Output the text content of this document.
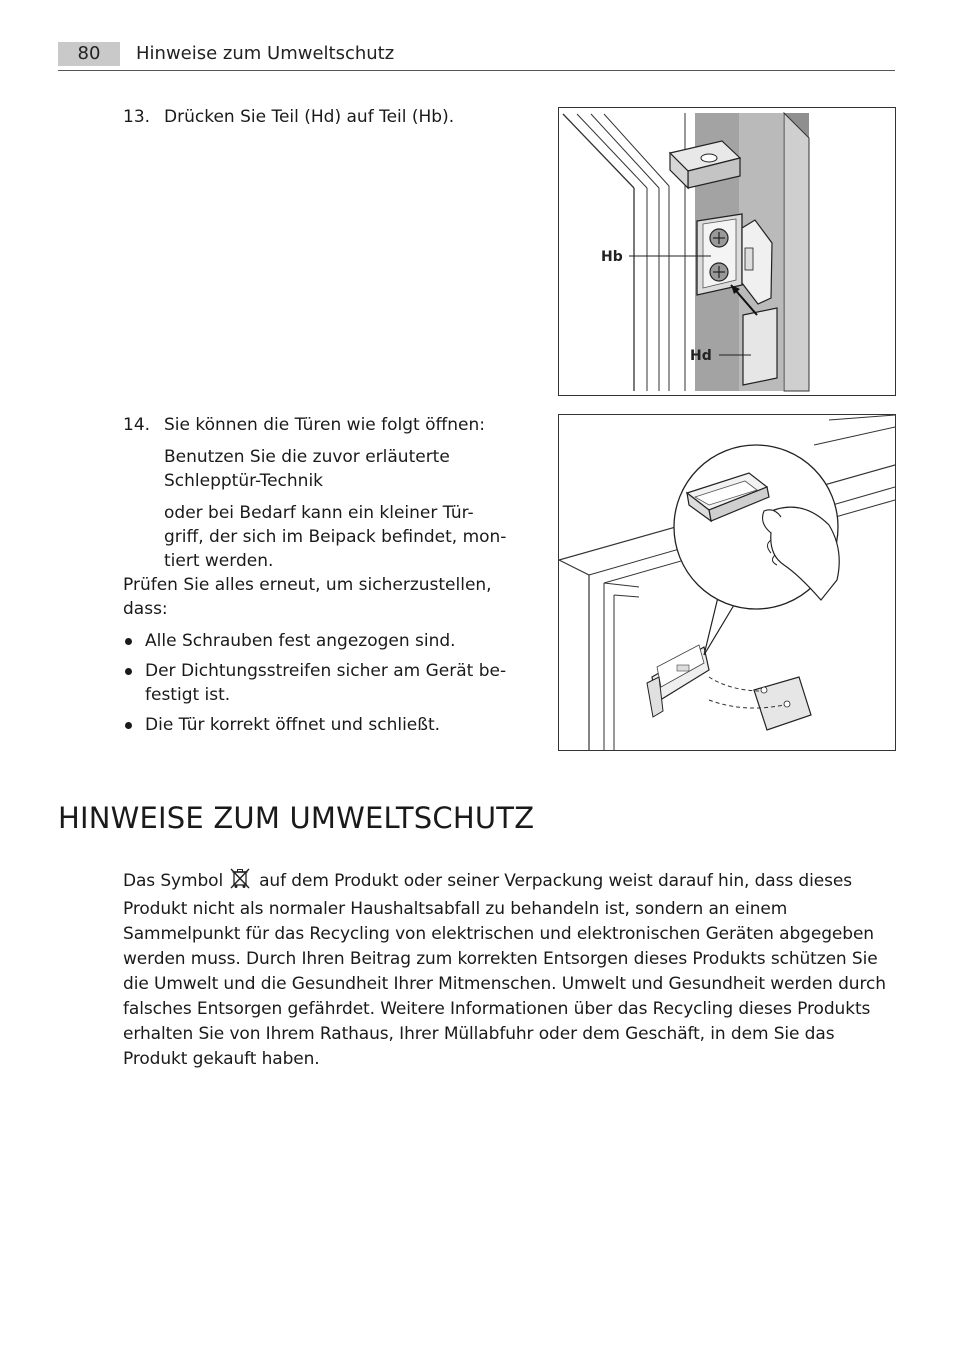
80	Hinweise zum Umweltschutz

13. Drücken Sie Teil (Hd) auf Teil (Hb).

Hb
Hd

14. Sie können die Türen wie folgt öffnen:

Benutzen Sie die zuvor erläuterte Schlepptür-Technik

oder bei Bedarf kann ein kleiner Tür-griff, der sich im Beipack befindet, mon-tiert werden.

Prüfen Sie alles erneut, um sicherzustellen, dass:

Alle Schrauben fest angezogen sind.
Der Dichtungsstreifen sicher am Gerät be-festigt ist.
Die Tür korrekt öffnet und schließt.
HINWEISE ZUM UMWELTSCHUTZ

Das Symbol auf dem Produkt oder seiner Verpackung weist darauf hin, dass dieses Produkt nicht als normaler Haushaltsabfall zu behandeln ist, sondern an einem Sammelpunkt für das Recycling von elektrischen und elektronischen Geräten abgegeben werden muss. Durch Ihren Beitrag zum korrekten Entsorgen dieses Produkts schützen Sie die Umwelt und die Gesundheit Ihrer Mitmenschen. Umwelt und Gesundheit werden durch falsches Entsorgen gefährdet. Weitere Informationen über das Recycling dieses Produkts erhalten Sie von Ihrem Rathaus, Ihrer Müllabfuhr oder dem Geschäft, in dem Sie das Produkt gekauft haben.
